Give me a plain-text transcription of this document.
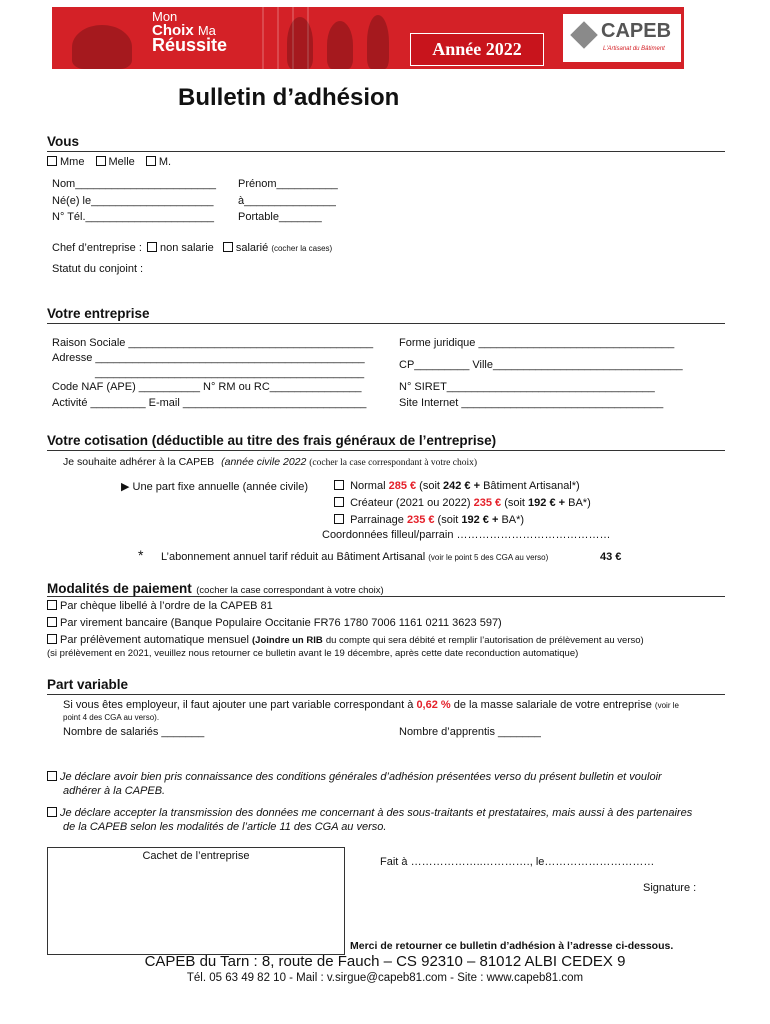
Mon
Choix Ma
Réussite	Année 2022
CAPEB
L'Artisanat du Bâtiment
Bulletin d’adhésion
Vous
Mme Melle M.
Nom_______________________ Prénom__________
Né(e) le____________________ à_______________
N° Tél._____________________ Portable_______
Chef d’entreprise : non salarie salarié (cocher la cases)
Statut du conjoint :
Votre entreprise
Raison Sociale ________________________________________
Adresse ____________________________________________
____________________________________________
Code NAF (APE) __________ N° RM ou RC_______________
Activité _________ E-mail ______________________________
Forme juridique ________________________________
CP_________ Ville_______________________________
N° SIRET__________________________________
Site Internet _________________________________
Votre cotisation (déductible au titre des frais généraux de l’entreprise)
Je souhaite adhérer à la CAPEB (année civile 2022 (cocher la case correspondant à votre choix)
▶ Une part fixe annuelle (année civile)	Normal 285 € (soit 242 € + Bâtiment Artisanal*)
Créateur (2021 ou 2022) 235 € (soit 192 € + BA*)
Parrainage 235 € (soit 192 € + BA*)
Coordonnées filleul/parrain ……………………………………
* L’abonnement annuel tarif réduit au Bâtiment Artisanal (voir le point 5 des CGA au verso)	43 €
Modalités de paiement (cocher la case correspondant à votre choix)
Par chèque libellé à l’ordre de la CAPEB 81
Par virement bancaire (Banque Populaire Occitanie FR76 1780 7006 1161 0211 3623 597)
Par prélèvement automatique mensuel (Joindre un RIB du compte qui sera débité et remplir l’autorisation de prélèvement au verso)
(si prélèvement en 2021, veuillez nous retourner ce bulletin avant le 19 décembre, après cette date reconduction automatique)
Part variable
Si vous êtes employeur, il faut ajouter une part variable correspondant à 0,62 % de la masse salariale de votre entreprise (voir le
point 4 des CGA au verso).
Nombre de salariés _______	Nombre d’apprentis _______
Je déclare avoir bien pris connaissance des conditions générales d’adhésion présentées verso du présent bulletin et vouloir
adhérer à la CAPEB.
Je déclare accepter la transmission des données me concernant à des sous-traitants et prestataires, mais aussi à des partenaires
de la CAPEB selon les modalités de l’article 11 des CGA au verso.
Cachet de l’entreprise	Fait à ………………..…………., le…………………………
Signature :
Merci de retourner ce bulletin d’adhésion à l’adresse ci-dessous.
CAPEB du Tarn : 8, route de Fauch – CS 92310 – 81012 ALBI CEDEX 9
Tél. 05 63 49 82 10 - Mail : v.sirgue@capeb81.com - Site : www.capeb81.com
